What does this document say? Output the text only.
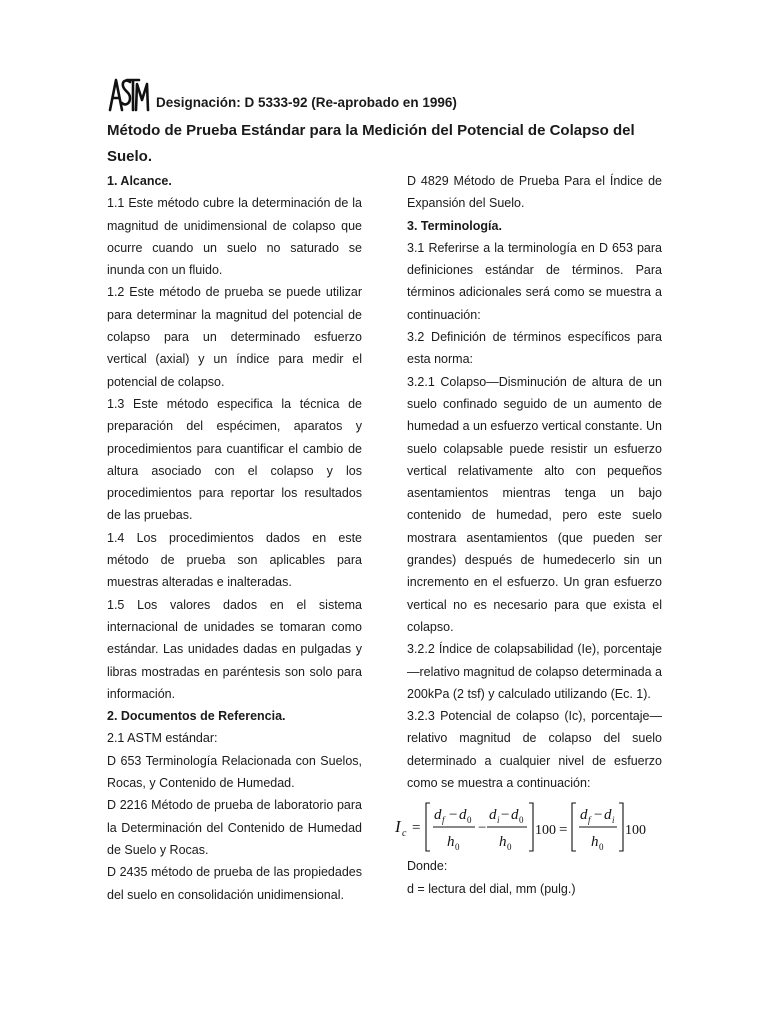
Designación: D 5333-92 (Re-aprobado en 1996)
Método de Prueba Estándar para la Medición del Potencial de Colapso del Suelo.

1. Alcance.

1.1 Este método cubre la determinación de la magnitud de unidimensional de colapso que ocurre cuando un suelo no saturado se inunda con un fluido.

1.2 Este método de prueba se puede utilizar para determinar la magnitud del potencial de colapso para un determinado esfuerzo vertical (axial) y un índice para medir el potencial de colapso.

1.3 Este método especifica la técnica de preparación del espécimen, aparatos y procedimientos para cuantificar el cambio de altura asociado con el colapso y los procedimientos para reportar los resultados de las pruebas.

1.4 Los procedimientos dados en este método de prueba son aplicables para muestras alteradas e inalteradas.

1.5 Los valores dados en el sistema internacional de unidades se tomaran como estándar. Las unidades dadas en pulgadas y libras mostradas en paréntesis son solo para información.

2. Documentos de Referencia.

2.1 ASTM estándar:

D 653 Terminología Relacionada con Suelos, Rocas, y Contenido de Humedad.

D 2216 Método de prueba de laboratorio para la Determinación del Contenido de Humedad de Suelo y Rocas.

D 2435 método de prueba de las propiedades del suelo en consolidación unidimensional.

D 4829 Método de Prueba Para el Índice de Expansión del Suelo.

3. Terminología.

3.1 Referirse a la terminología en D 653 para definiciones estándar de términos. Para términos adicionales será como se muestra a continuación:

3.2 Definición de términos específicos para esta norma:

3.2.1 Colapso—Disminución de altura de un suelo confinado seguido de un aumento de humedad a un esfuerzo vertical constante. Un suelo colapsable puede resistir un esfuerzo vertical relativamente alto con pequeños asentamientos mientras tenga un bajo contenido de humedad, pero este suelo mostrara asentamientos (que pueden ser grandes) después de humedecerlo sin un incremento en el esfuerzo. Un gran esfuerzo vertical no es necesario para que exista el colapso.

3.2.2 Índice de colapsabilidad (Ie), porcentaje—relativo magnitud de colapso determinada a 200kPa (2 tsf) y calculado utilizando (Ec. 1).

3.2.3 Potencial de colapso (Ic), porcentaje—relativo magnitud de colapso del suelo determinado a cualquier nivel de esfuerzo como se muestra a continuación:

I c =
d f − d 0
h 0
−
d i − d 0
h 0
100 =
d f − d i
h 0
100

Donde:

d = lectura del dial, mm (pulg.)
